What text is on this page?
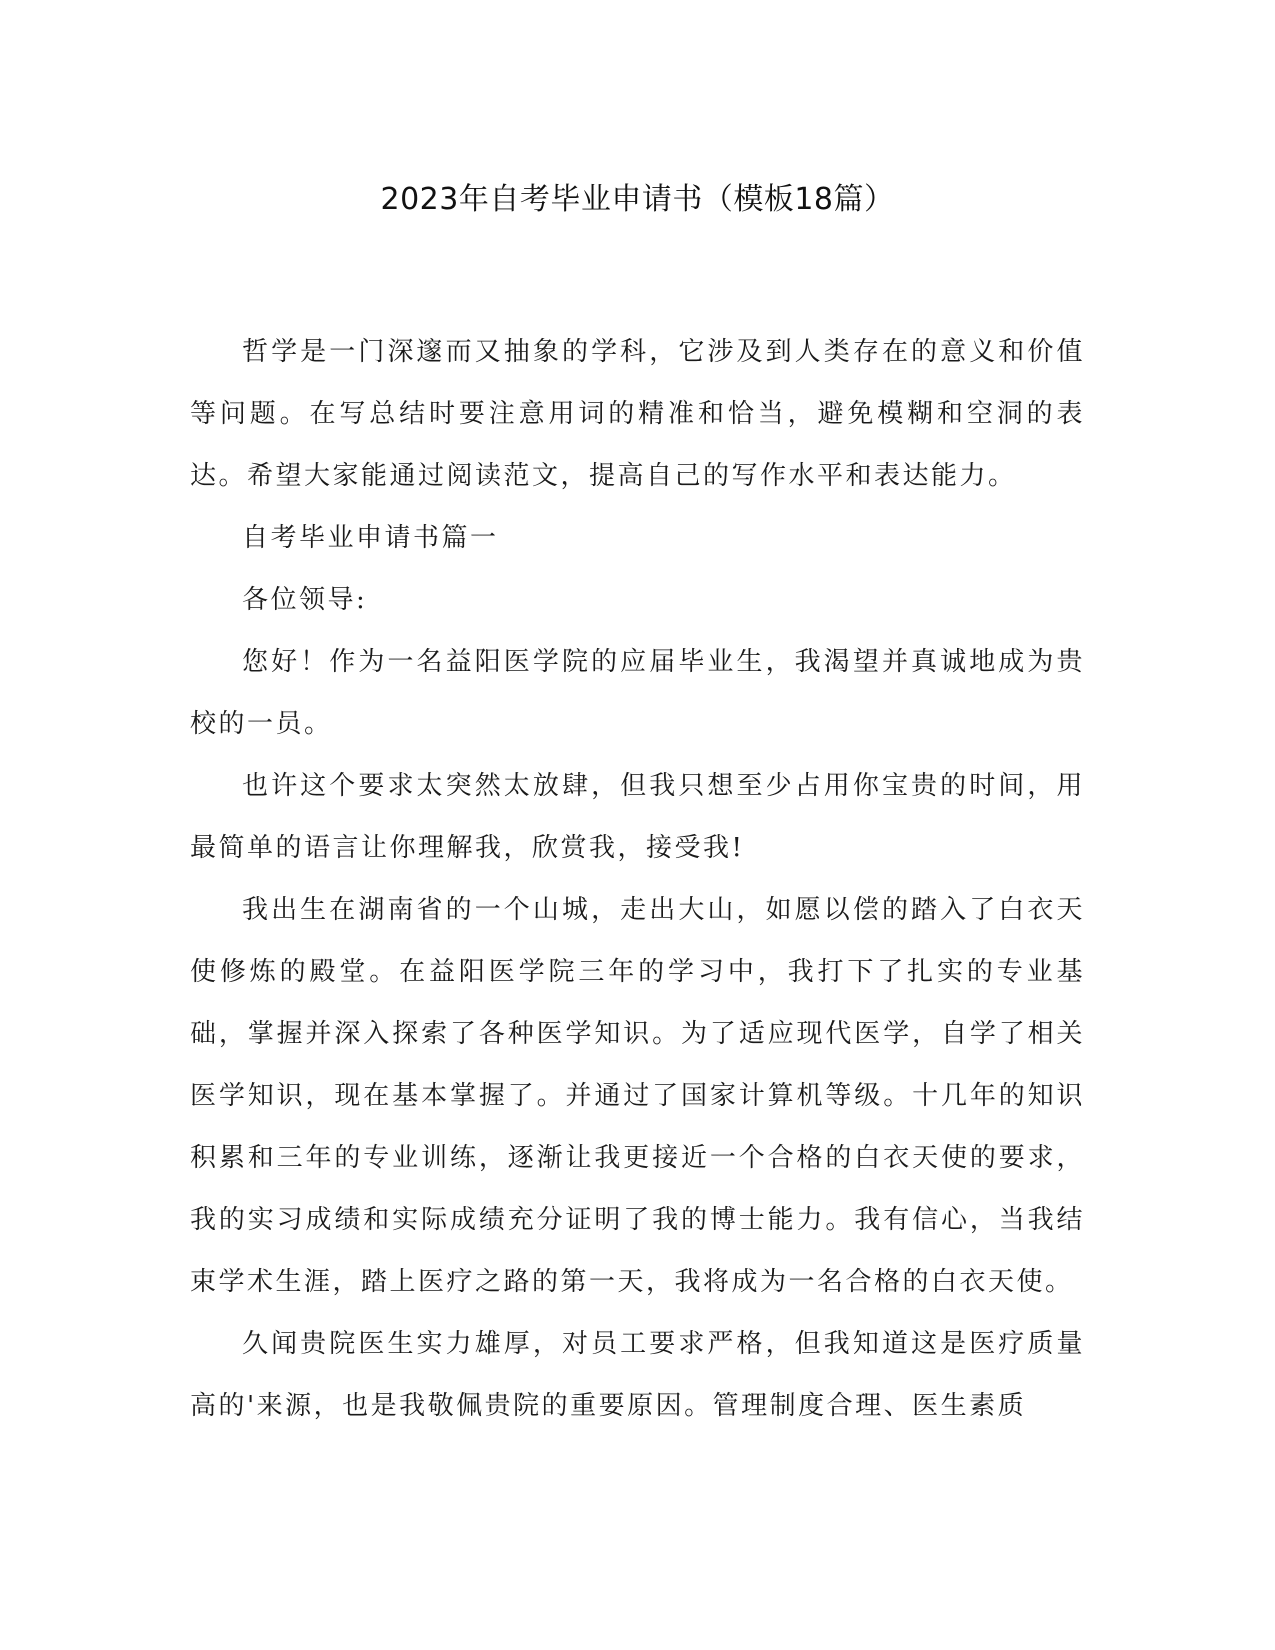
2023年自考毕业申请书（模板18篇）

哲学是一门深邃而又抽象的学科，它涉及到人类存在的意义和价值等问题。在写总结时要注意用词的精准和恰当，避免模糊和空洞的表达。希望大家能通过阅读范文，提高自己的写作水平和表达能力。

自考毕业申请书篇一

各位领导:

您好！作为一名益阳医学院的应届毕业生，我渴望并真诚地成为贵校的一员。

也许这个要求太突然太放肆，但我只想至少占用你宝贵的时间，用最简单的语言让你理解我，欣赏我，接受我!

我出生在湖南省的一个山城，走出大山，如愿以偿的踏入了白衣天使修炼的殿堂。在益阳医学院三年的学习中，我打下了扎实的专业基础，掌握并深入探索了各种医学知识。为了适应现代医学，自学了相关医学知识，现在基本掌握了。并通过了国家计算机等级。十几年的知识积累和三年的专业训练，逐渐让我更接近一个合格的白衣天使的要求，我的实习成绩和实际成绩充分证明了我的博士能力。我有信心，当我结束学术生涯，踏上医疗之路的第一天，我将成为一名合格的白衣天使。

久闻贵院医生实力雄厚，对员工要求严格，但我知道这是医疗质量高的'来源，也是我敬佩贵院的重要原因。管理制度合理、医生素质
